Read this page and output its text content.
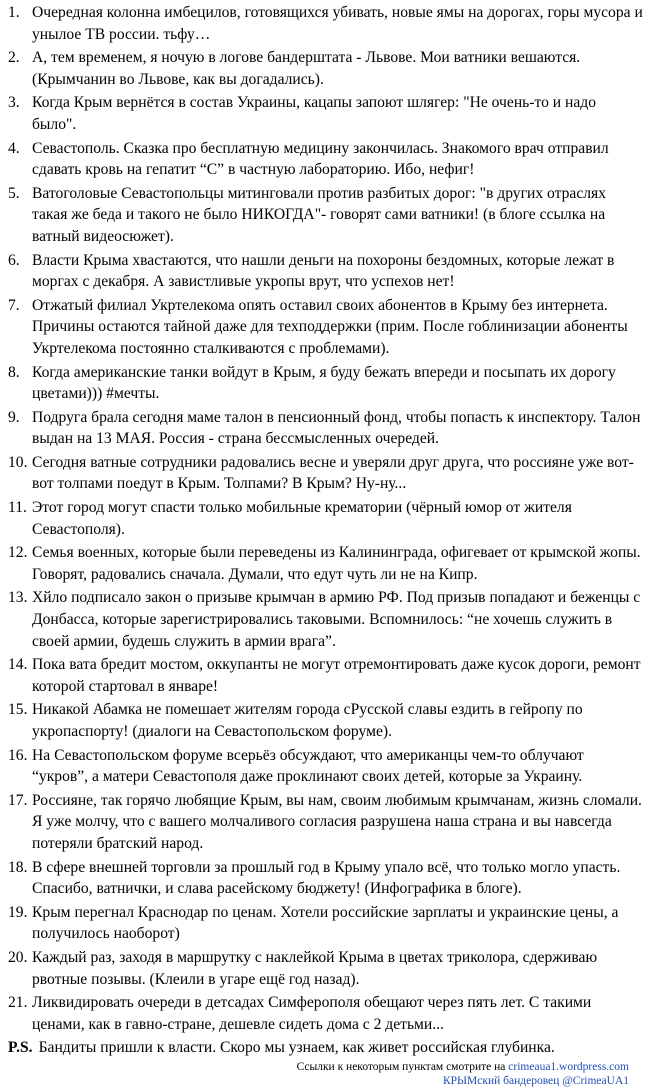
1. Очередная колонна имбецилов, готовящихся убивать, новые ямы на дорогах, горы мусора и унылое ТВ россии. тьфу…
2. А, тем временем, я ночую в логове бандерштата - Львове. Мои ватники вешаются. (Крымчанин во Львове, как вы догадались).
3. Когда Крым вернётся в состав Украины, кацапы запоют шлягер: "Не очень-то и надо было".
4. Севастополь. Сказка про бесплатную медицину закончилась. Знакомого врач отправил сдавать кровь на гепатит “С” в частную лабораторию. Ибо, нефиг!
5. Ватоголовые Севастопольцы митинговали против разбитых дорог: "в других отраслях такая же беда и такого не было НИКОГДА"- говорят сами ватники! (в блоге ссылка на ватный видеосюжет).
6. Власти Крыма хвастаются, что нашли деньги на похороны бездомных, которые лежат в моргах с декабря. А завистливые укропы врут, что успехов нет!
7. Отжатый филиал Укртелекома опять оставил своих абонентов в Крыму без интернета. Причины остаются тайной даже для техподдержки (прим. После гоблинизации абоненты Укртелекома постоянно сталкиваются с проблемами).
8. Когда американские танки войдут в Крым, я буду бежать впереди и посыпать их дорогу цветами))) #мечты.
9. Подруга брала сегодня маме талон в пенсионный фонд, чтобы попасть к инспектору. Талон выдан на 13 МАЯ. Россия - страна бессмысленных очередей.
10. Сегодня ватные сотрудники радовались весне и уверяли друг друга, что россияне уже вот-вот толпами поедут в Крым. Толпами? В Крым? Ну-ну...
11. Этот город могут спасти только мобильные крематории (чёрный юмор от жителя Севастополя).
12. Семья военных, которые были переведены из Калининграда, офигевает от крымской жопы. Говорят, радовались сначала. Думали, что едут чуть ли не на Кипр.
13. Хйло подписало закон о призыве крымчан в армию РФ. Под призыв попадают и беженцы с Донбасса, которые зарегистрировались таковыми. Вспомнилось: “не хочешь служить в своей армии, будешь служить в армии врага”.
14. Пока вата бредит мостом, оккупанты не могут отремонтировать даже кусок дороги, ремонт которой стартовал в январе!
15. Никакой Абамка не помешает жителям города сРусской славы ездить в гейропу по укропаспорту! (диалоги на Севастопольском форуме).
16. На Севастопольском форуме всерьёз обсуждают, что американцы чем-то облучают “укров”, а матери Севастополя даже проклинают своих детей, которые за Украину.
17. Россияне, так горячо любящие Крым, вы нам, своим любимым крымчанам, жизнь сломали. Я уже молчу, что с вашего молчаливого согласия разрушена наша страна и вы навсегда потеряли братский народ.
18. В сфере внешней торговли за прошлый год в Крыму упало всё, что только могло упасть. Спасибо, ватнички, и слава расейскому бюджету! (Инфографика в блоге).
19. Крым перегнал Краснодар по ценам. Хотели российские зарплаты и украинские цены, а получилось наоборот)
20. Каждый раз, заходя в маршрутку с наклейкой Крыма в цветах триколора, сдерживаю рвотные позывы. (Клеили в угаре ещё год назад).
21. Ликвидировать очереди в детсадах Симферополя обещают через пять лет. С такими ценами, как в гавно-стране, дешевле сидеть дома с 2 детьми...
P.S. Бандиты пришли к власти. Скоро мы узнаем, как живет российская глубинка.
Ссылки к некоторым пунктам смотрите на crimeaua1.wordpress.com
КРЫМский бандеровец @CrimeaUA1
